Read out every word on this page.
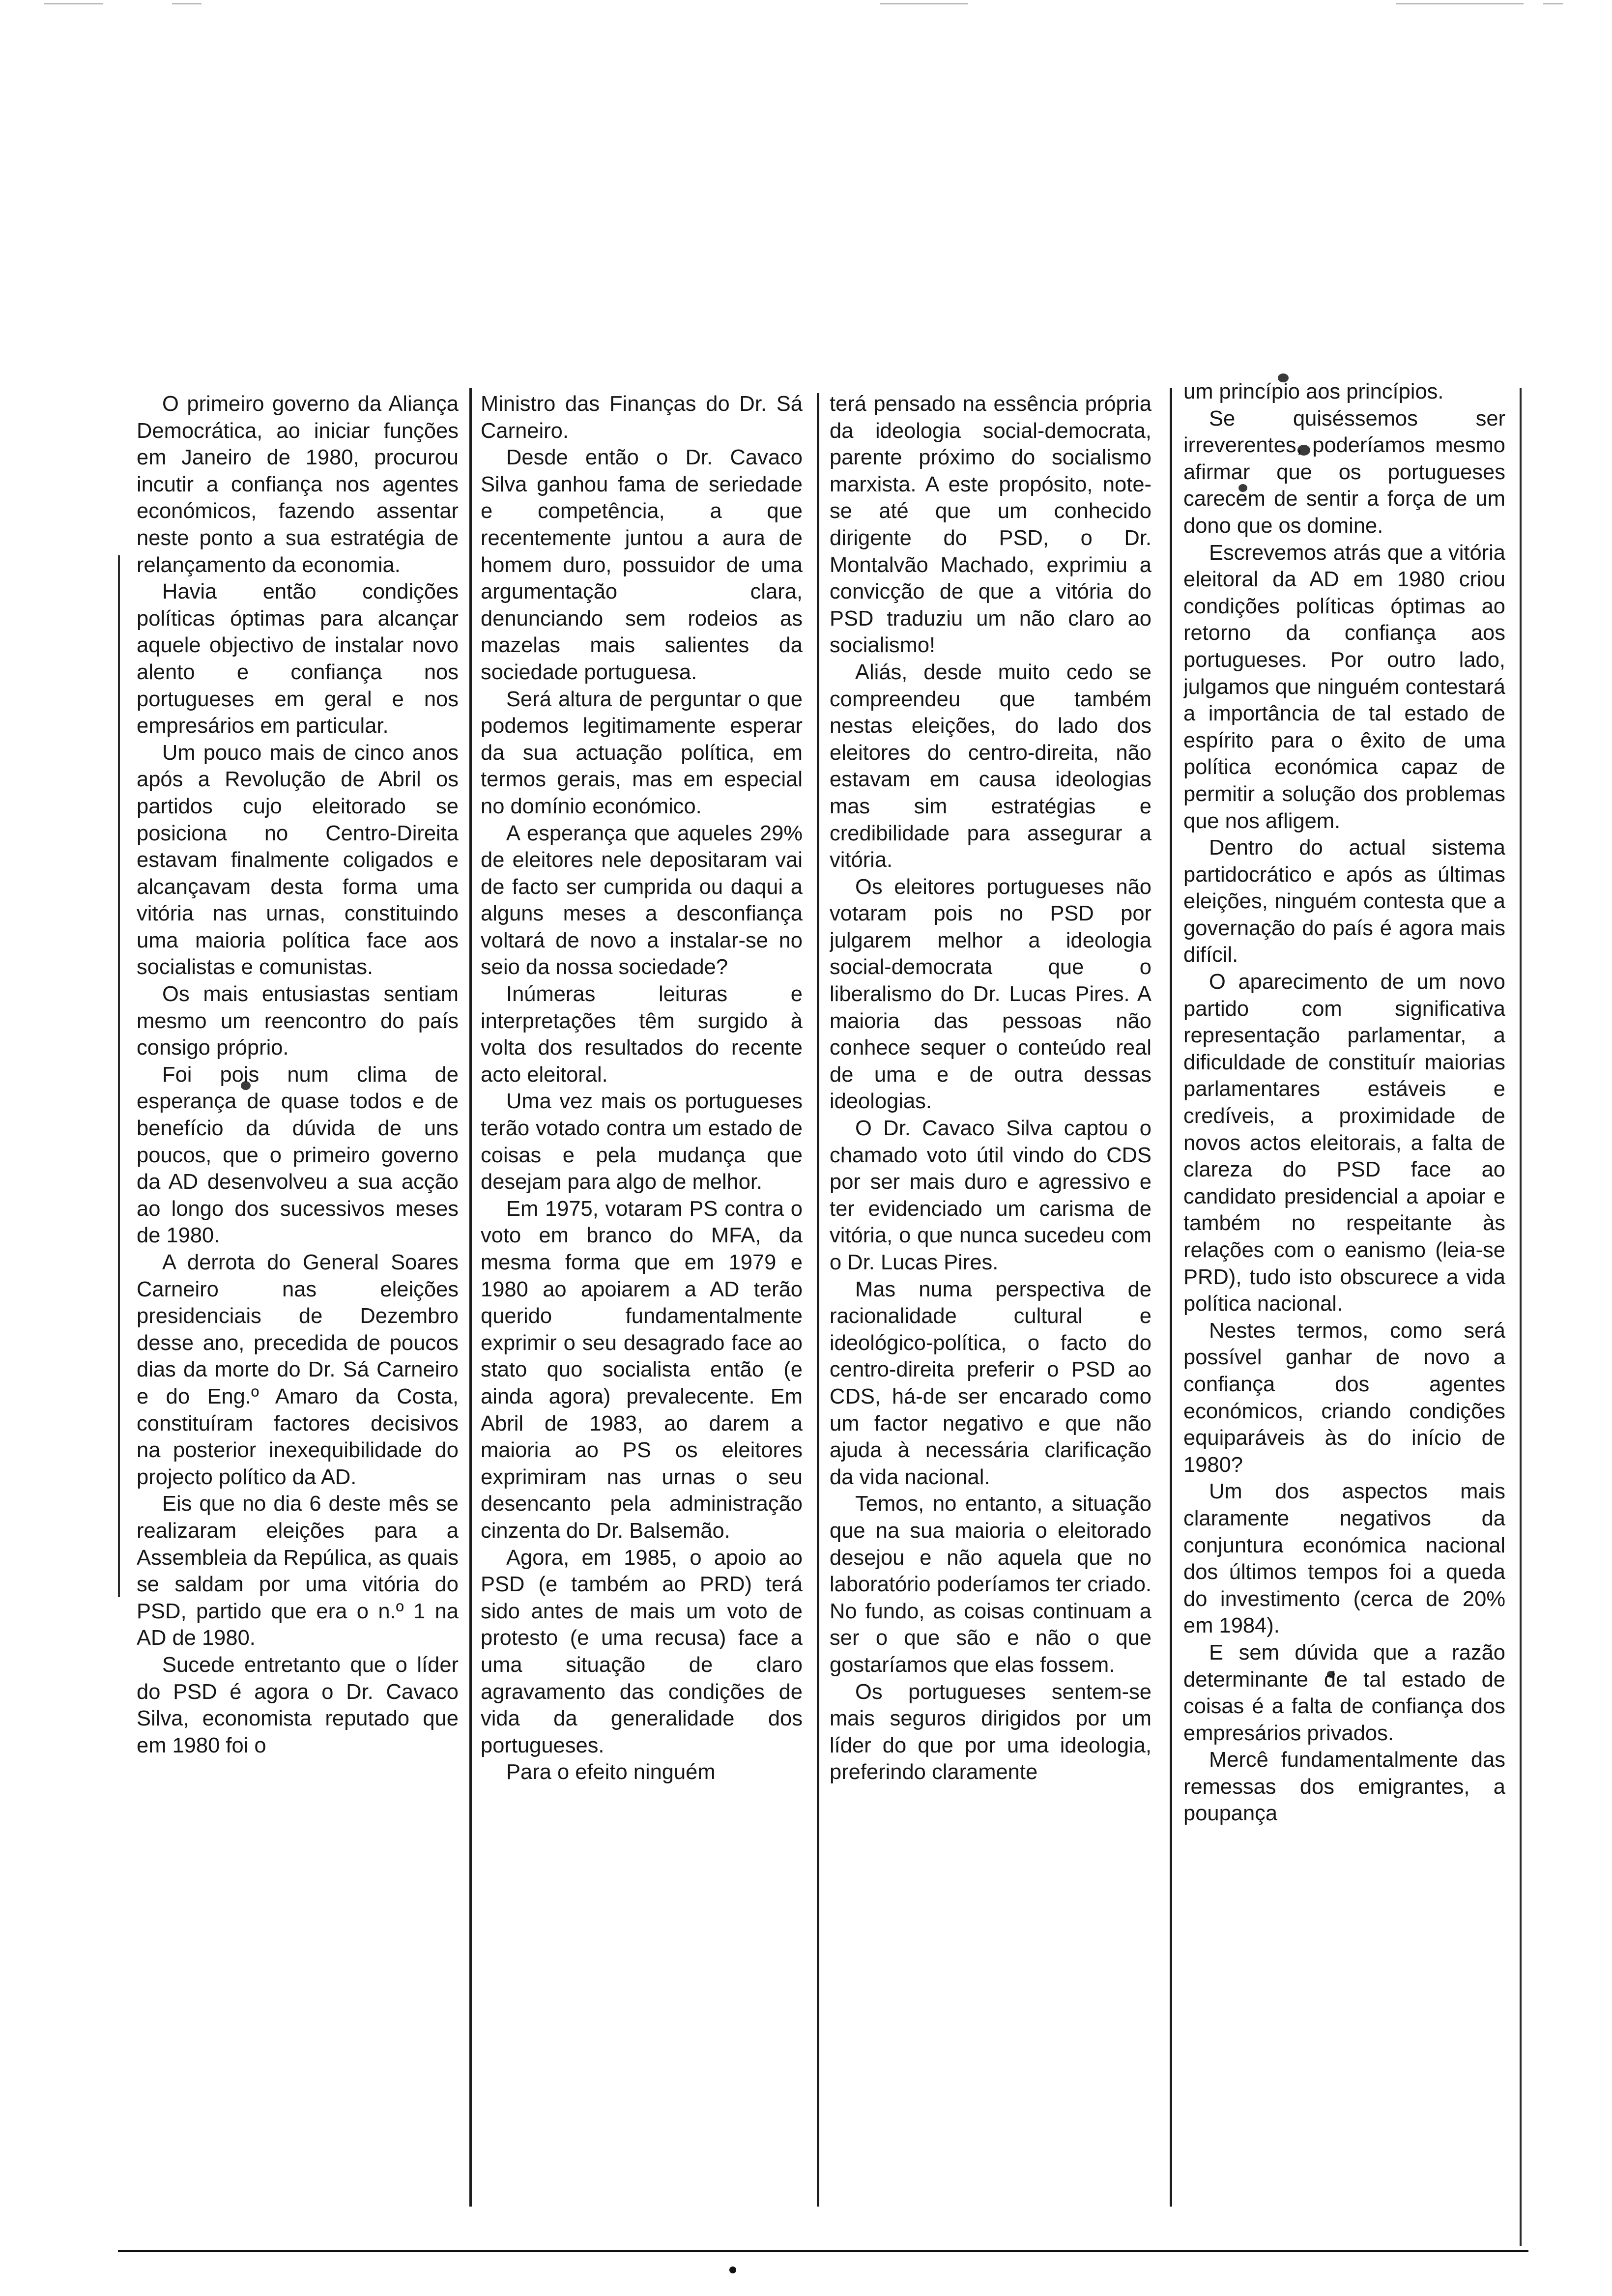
O primeiro governo da Aliança Democrática, ao iniciar funções em Janeiro de 1980, procurou incutir a confiança nos agentes económicos, fazendo assentar neste ponto a sua estratégia de relançamento da economia.

Havia então condições políticas óptimas para alcançar aquele objectivo de instalar novo alento e confiança nos portugueses em geral e nos empresários em particular.

Um pouco mais de cinco anos após a Revolução de Abril os partidos cujo eleitorado se posiciona no Centro-Direita estavam finalmente coligados e alcançavam desta forma uma vitória nas urnas, constituindo uma maioria política face aos socialistas e comunistas.

Os mais entusiastas sentiam mesmo um reencontro do país consigo próprio.

Foi pois num clima de esperança de quase todos e de benefício da dúvida de uns poucos, que o primeiro governo da AD desenvolveu a sua acção ao longo dos sucessivos meses de 1980.

A derrota do General Soares Carneiro nas eleições presidenciais de Dezembro desse ano, precedida de poucos dias da morte do Dr. Sá Carneiro e do Eng.º Amaro da Costa, constituíram factores decisivos na posterior inexequibilidade do projecto político da AD.

Eis que no dia 6 deste mês se realizaram eleições para a Assembleia da Repúlica, as quais se saldam por uma vitória do PSD, partido que era o n.º 1 na AD de 1980.

Sucede entretanto que o líder do PSD é agora o Dr. Cavaco Silva, economista reputado que em 1980 foi o

Ministro das Finanças do Dr. Sá Carneiro.

Desde então o Dr. Cavaco Silva ganhou fama de seriedade e competência, a que recentemente juntou a aura de homem duro, possuidor de uma argumentação clara, denunciando sem rodeios as mazelas mais salientes da sociedade portuguesa.

Será altura de perguntar o que podemos legitimamente esperar da sua actuação política, em termos gerais, mas em especial no domínio económico.

A esperança que aqueles 29% de eleitores nele depositaram vai de facto ser cumprida ou daqui a alguns meses a desconfiança voltará de novo a instalar-se no seio da nossa sociedade?

Inúmeras leituras e interpretações têm surgido à volta dos resultados do recente acto eleitoral.

Uma vez mais os portugueses terão votado contra um estado de coisas e pela mudança que desejam para algo de melhor.

Em 1975, votaram PS contra o voto em branco do MFA, da mesma forma que em 1979 e 1980 ao apoiarem a AD terão querido fundamentalmente exprimir o seu desagrado face ao stato quo socialista então (e ainda agora) prevalecente. Em Abril de 1983, ao darem a maioria ao PS os eleitores exprimiram nas urnas o seu desencanto pela administração cinzenta do Dr. Balsemão.

Agora, em 1985, o apoio ao PSD (e também ao PRD) terá sido antes de mais um voto de protesto (e uma recusa) face a uma situação de claro agravamento das condições de vida da generalidade dos portugueses.

Para o efeito ninguém

terá pensado na essência própria da ideologia social-democrata, parente próximo do socialismo marxista. A este propósito, note-se até que um conhecido dirigente do PSD, o Dr. Montalvão Machado, exprimiu a convicção de que a vitória do PSD traduziu um não claro ao socialismo!

Aliás, desde muito cedo se compreendeu que também nestas eleições, do lado dos eleitores do centro-direita, não estavam em causa ideologias mas sim estratégias e credibilidade para assegurar a vitória.

Os eleitores portugueses não votaram pois no PSD por julgarem melhor a ideologia social-democrata que o liberalismo do Dr. Lucas Pires. A maioria das pessoas não conhece sequer o conteúdo real de uma e de outra dessas ideologias.

O Dr. Cavaco Silva captou o chamado voto útil vindo do CDS por ser mais duro e agressivo e ter evidenciado um carisma de vitória, o que nunca sucedeu com o Dr. Lucas Pires.

Mas numa perspectiva de racionalidade cultural e ideológico-política, o facto do centro-direita preferir o PSD ao CDS, há-de ser encarado como um factor negativo e que não ajuda à necessária clarificação da vida nacional.

Temos, no entanto, a situação que na sua maioria o eleitorado desejou e não aquela que no laboratório poderíamos ter criado. No fundo, as coisas continuam a ser o que são e não o que gostaríamos que elas fossem.

Os portugueses sentem-se mais seguros dirigidos por um líder do que por uma ideologia, preferindo claramente

um princípio aos princípios.

Se quiséssemos ser irreverentes, poderíamos mesmo afirmar que os portugueses carecem de sentir a força de um dono que os domine.

Escrevemos atrás que a vitória eleitoral da AD em 1980 criou condições políticas óptimas ao retorno da confiança aos portugueses. Por outro lado, julgamos que ninguém contestará a importância de tal estado de espírito para o êxito de uma política económica capaz de permitir a solução dos problemas que nos afligem.

Dentro do actual sistema partidocrático e após as últimas eleições, ninguém contesta que a governação do país é agora mais difícil.

O aparecimento de um novo partido com significativa representação parlamentar, a dificuldade de constituír maiorias parlamentares estáveis e credíveis, a proximidade de novos actos eleitorais, a falta de clareza do PSD face ao candidato presidencial a apoiar e também no respeitante às relações com o eanismo (leia-se PRD), tudo isto obscurece a vida política nacional.

Nestes termos, como será possível ganhar de novo a confiança dos agentes económicos, criando condições equiparáveis às do início de 1980?

Um dos aspectos mais claramente negativos da conjuntura económica nacional dos últimos tempos foi a queda do investimento (cerca de 20% em 1984).

E sem dúvida que a razão determinante de tal estado de coisas é a falta de confiança dos empresários privados.

Mercê fundamentalmente das remessas dos emigrantes, a poupança
